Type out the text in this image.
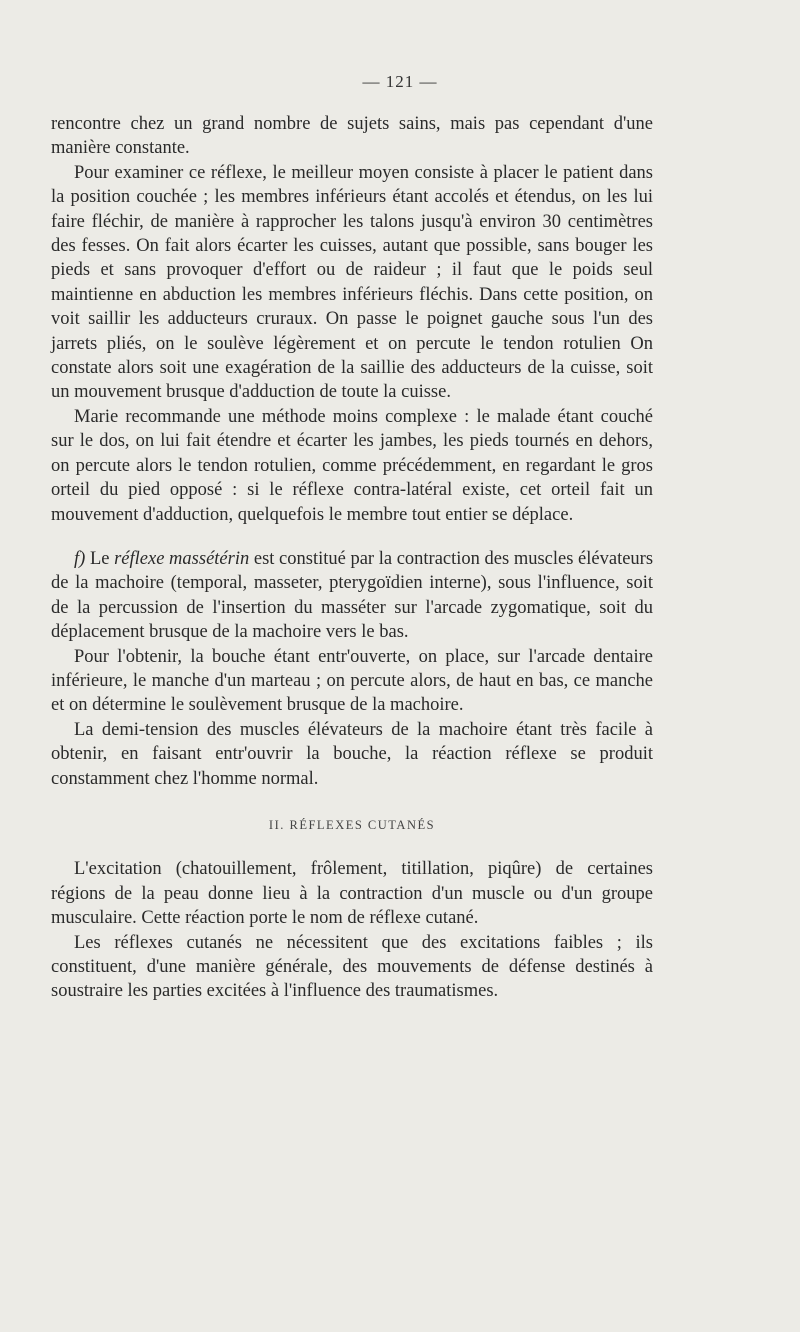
— 121 —

rencontre chez un grand nombre de sujets sains, mais pas cependant d'une manière constante.

Pour examiner ce réflexe, le meilleur moyen consiste à placer le patient dans la position couchée ; les membres inférieurs étant accolés et étendus, on les lui faire fléchir, de manière à rapprocher les talons jusqu'à environ 30 centimètres des fesses. On fait alors écarter les cuisses, autant que possible, sans bouger les pieds et sans provoquer d'effort ou de raideur ; il faut que le poids seul maintienne en abduction les membres inférieurs fléchis. Dans cette position, on voit saillir les adducteurs cruraux. On passe le poignet gauche sous l'un des jarrets pliés, on le soulève légèrement et on percute le tendon rotulien On constate alors soit une exagération de la saillie des adducteurs de la cuisse, soit un mouvement brusque d'adduction de toute la cuisse.

Marie recommande une méthode moins complexe : le malade étant couché sur le dos, on lui fait étendre et écarter les jambes, les pieds tournés en dehors, on percute alors le tendon rotulien, comme précédemment, en regardant le gros orteil du pied opposé : si le réflexe contra-latéral existe, cet orteil fait un mouvement d'adduction, quelquefois le membre tout entier se déplace.

f) Le réflexe massétérin est constitué par la contraction des muscles élévateurs de la machoire (temporal, masseter, pterygoïdien interne), sous l'influence, soit de la percussion de l'insertion du masséter sur l'arcade zygomatique, soit du déplacement brusque de la machoire vers le bas.

Pour l'obtenir, la bouche étant entr'ouverte, on place, sur l'arcade dentaire inférieure, le manche d'un marteau ; on percute alors, de haut en bas, ce manche et on détermine le soulèvement brusque de la machoire.

La demi-tension des muscles élévateurs de la machoire étant très facile à obtenir, en faisant entr'ouvrir la bouche, la réaction réflexe se produit constamment chez l'homme normal.

II. RÉFLEXES CUTANÉS

L'excitation (chatouillement, frôlement, titillation, piqûre) de certaines régions de la peau donne lieu à la contraction d'un muscle ou d'un groupe musculaire. Cette réaction porte le nom de réflexe cutané.

Les réflexes cutanés ne nécessitent que des excitations faibles ; ils constituent, d'une manière générale, des mouvements de défense destinés à soustraire les parties excitées à l'influence des traumatismes.
